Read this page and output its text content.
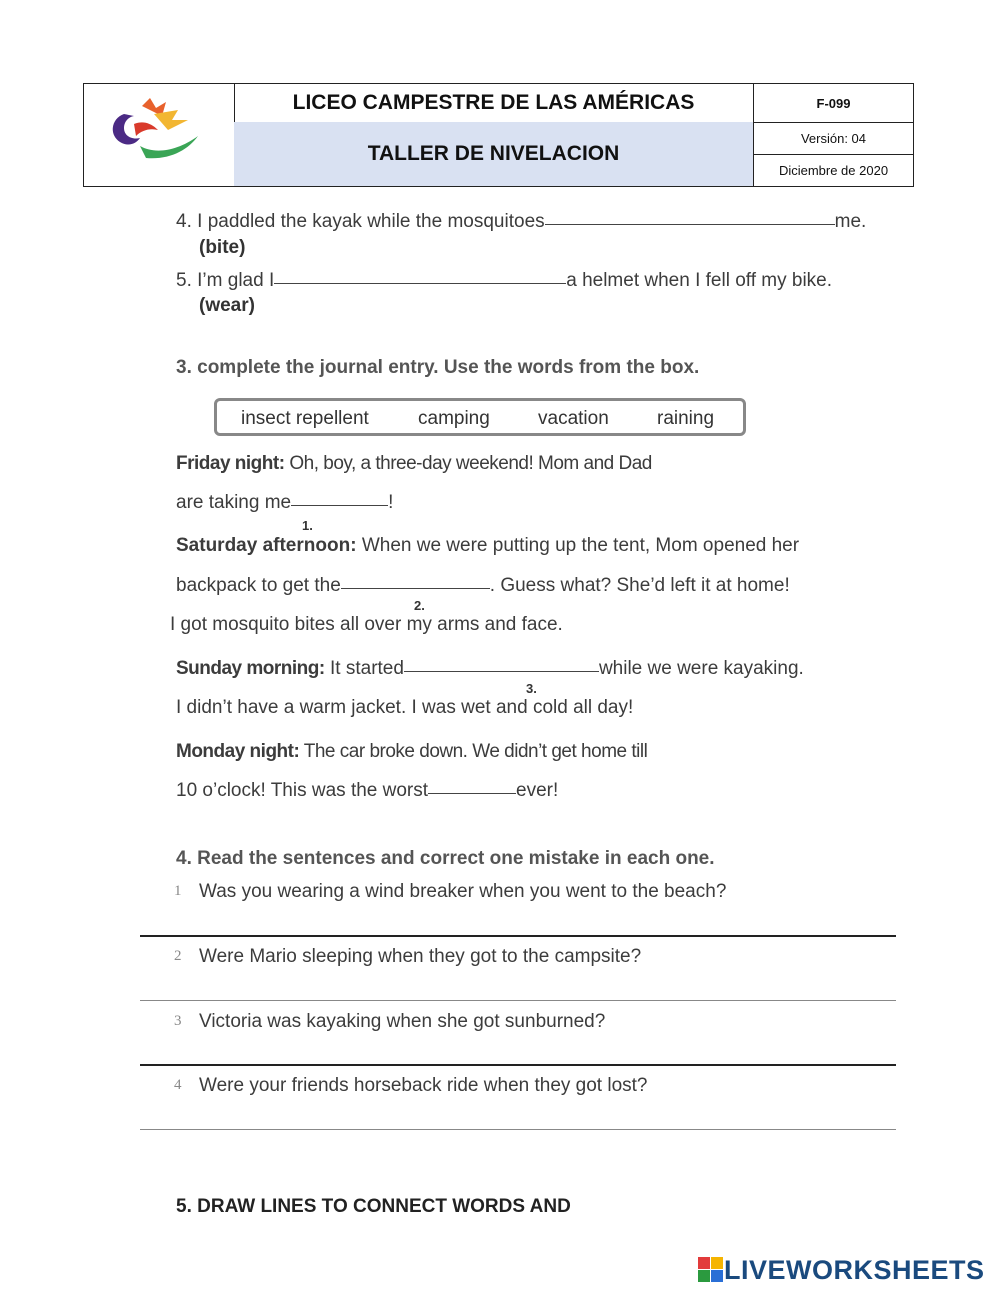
LICEO CAMPESTRE DE LAS AMÉRICAS
TALLER DE NIVELACION
F-099
Versión: 04
Diciembre de 2020
4. I paddled the kayak while the mosquitoes	me.
(bite)
5. I’m glad I	a helmet when I fell off my bike.
(wear)
3. complete the journal entry. Use the words from the box.
insect repellent	camping	vacation	raining
Friday night: Oh, boy, a three-day weekend! Mom and Dad
are taking me	!
1.
Saturday afternoon: When we were putting up the tent, Mom opened her
backpack to get the	. Guess what? She’d left it at home!
2.
I got mosquito bites all over my arms and face.
Sunday morning: It started	while we were kayaking.
3.
I didn’t have a warm jacket. I was wet and cold all day!
Monday night: The car broke down. We didn’t get home till
10 o’clock! This was the worst	ever!
4. Read the sentences and correct one mistake in each one.
1 Was you wearing a wind breaker when you went to the beach?
2 Were Mario sleeping when they got to the campsite?
3 Victoria was kayaking when she got sunburned?
4 Were your friends horseback ride when they got lost?
5. DRAW LINES TO CONNECT WORDS AND
LIVEWORKSHEETS
